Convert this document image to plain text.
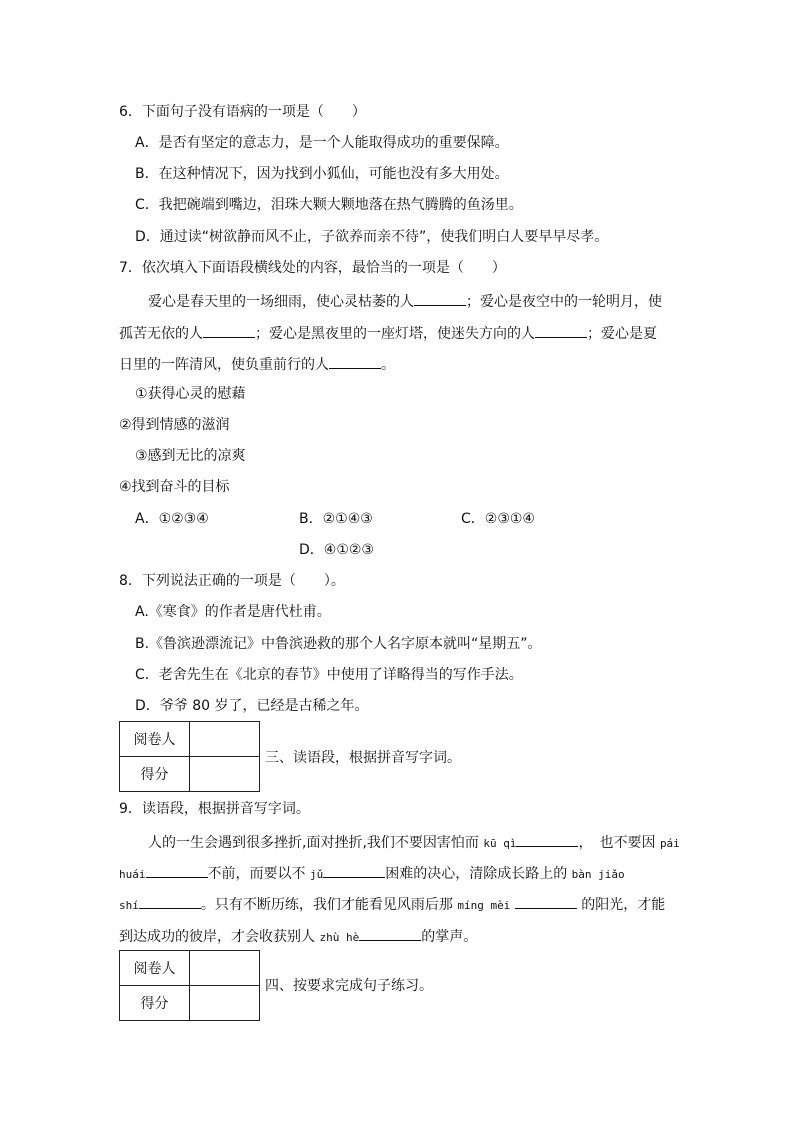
6．下面句子没有语病的一项是（　　）
A．是否有坚定的意志力，是一个人能取得成功的重要保障。
B．在这种情况下，因为找到小狐仙，可能也没有多大用处。
C．我把碗端到嘴边，泪珠大颗大颗地落在热气腾腾的鱼汤里。
D．通过读“树欲静而风不止，子欲养而亲不待”，使我们明白人要早早尽孝。
7．依次填入下面语段横线处的内容，最恰当的一项是（　　）
爱心是春天里的一场细雨，使心灵枯萎的人	；爱心是夜空中的一轮明月，使
孤苦无依的人	；爱心是黑夜里的一座灯塔，使迷失方向的人	；爱心是夏
日里的一阵清风，使负重前行的人	。
①获得心灵的慰藉
②得到情感的滋润
③感到无比的凉爽
④找到奋斗的目标
A．①②③④	B．②①④③	C．②③①④
D．④①②③
8．下列说法正确的一项是（　　）。
A.《寒食》的作者是唐代杜甫。
B.《鲁滨逊漂流记》中鲁滨逊救的那个人名字原本就叫“星期五”。
C．老舍先生在《北京的春节》中使用了详略得当的写作手法。
D．爷爷 80 岁了，已经是古稀之年。
阅卷人	
得分	
三、读语段，根据拼音写字词。
9．读语段，根据拼音写字词。
人的一生会遇到很多挫折,面对挫折,我们不要因害怕而 kū qì	，　也不要因 pái
huái	不前，而要以不 jǔ	困难的决心，清除成长路上的 bàn jiǎo
shí	。只有不断历练，我们才能看见风雨后那 míng mèi	的阳光，才能
到达成功的彼岸，才会收获别人 zhù hè	的掌声。
阅卷人	
得分	
四、按要求完成句子练习。
